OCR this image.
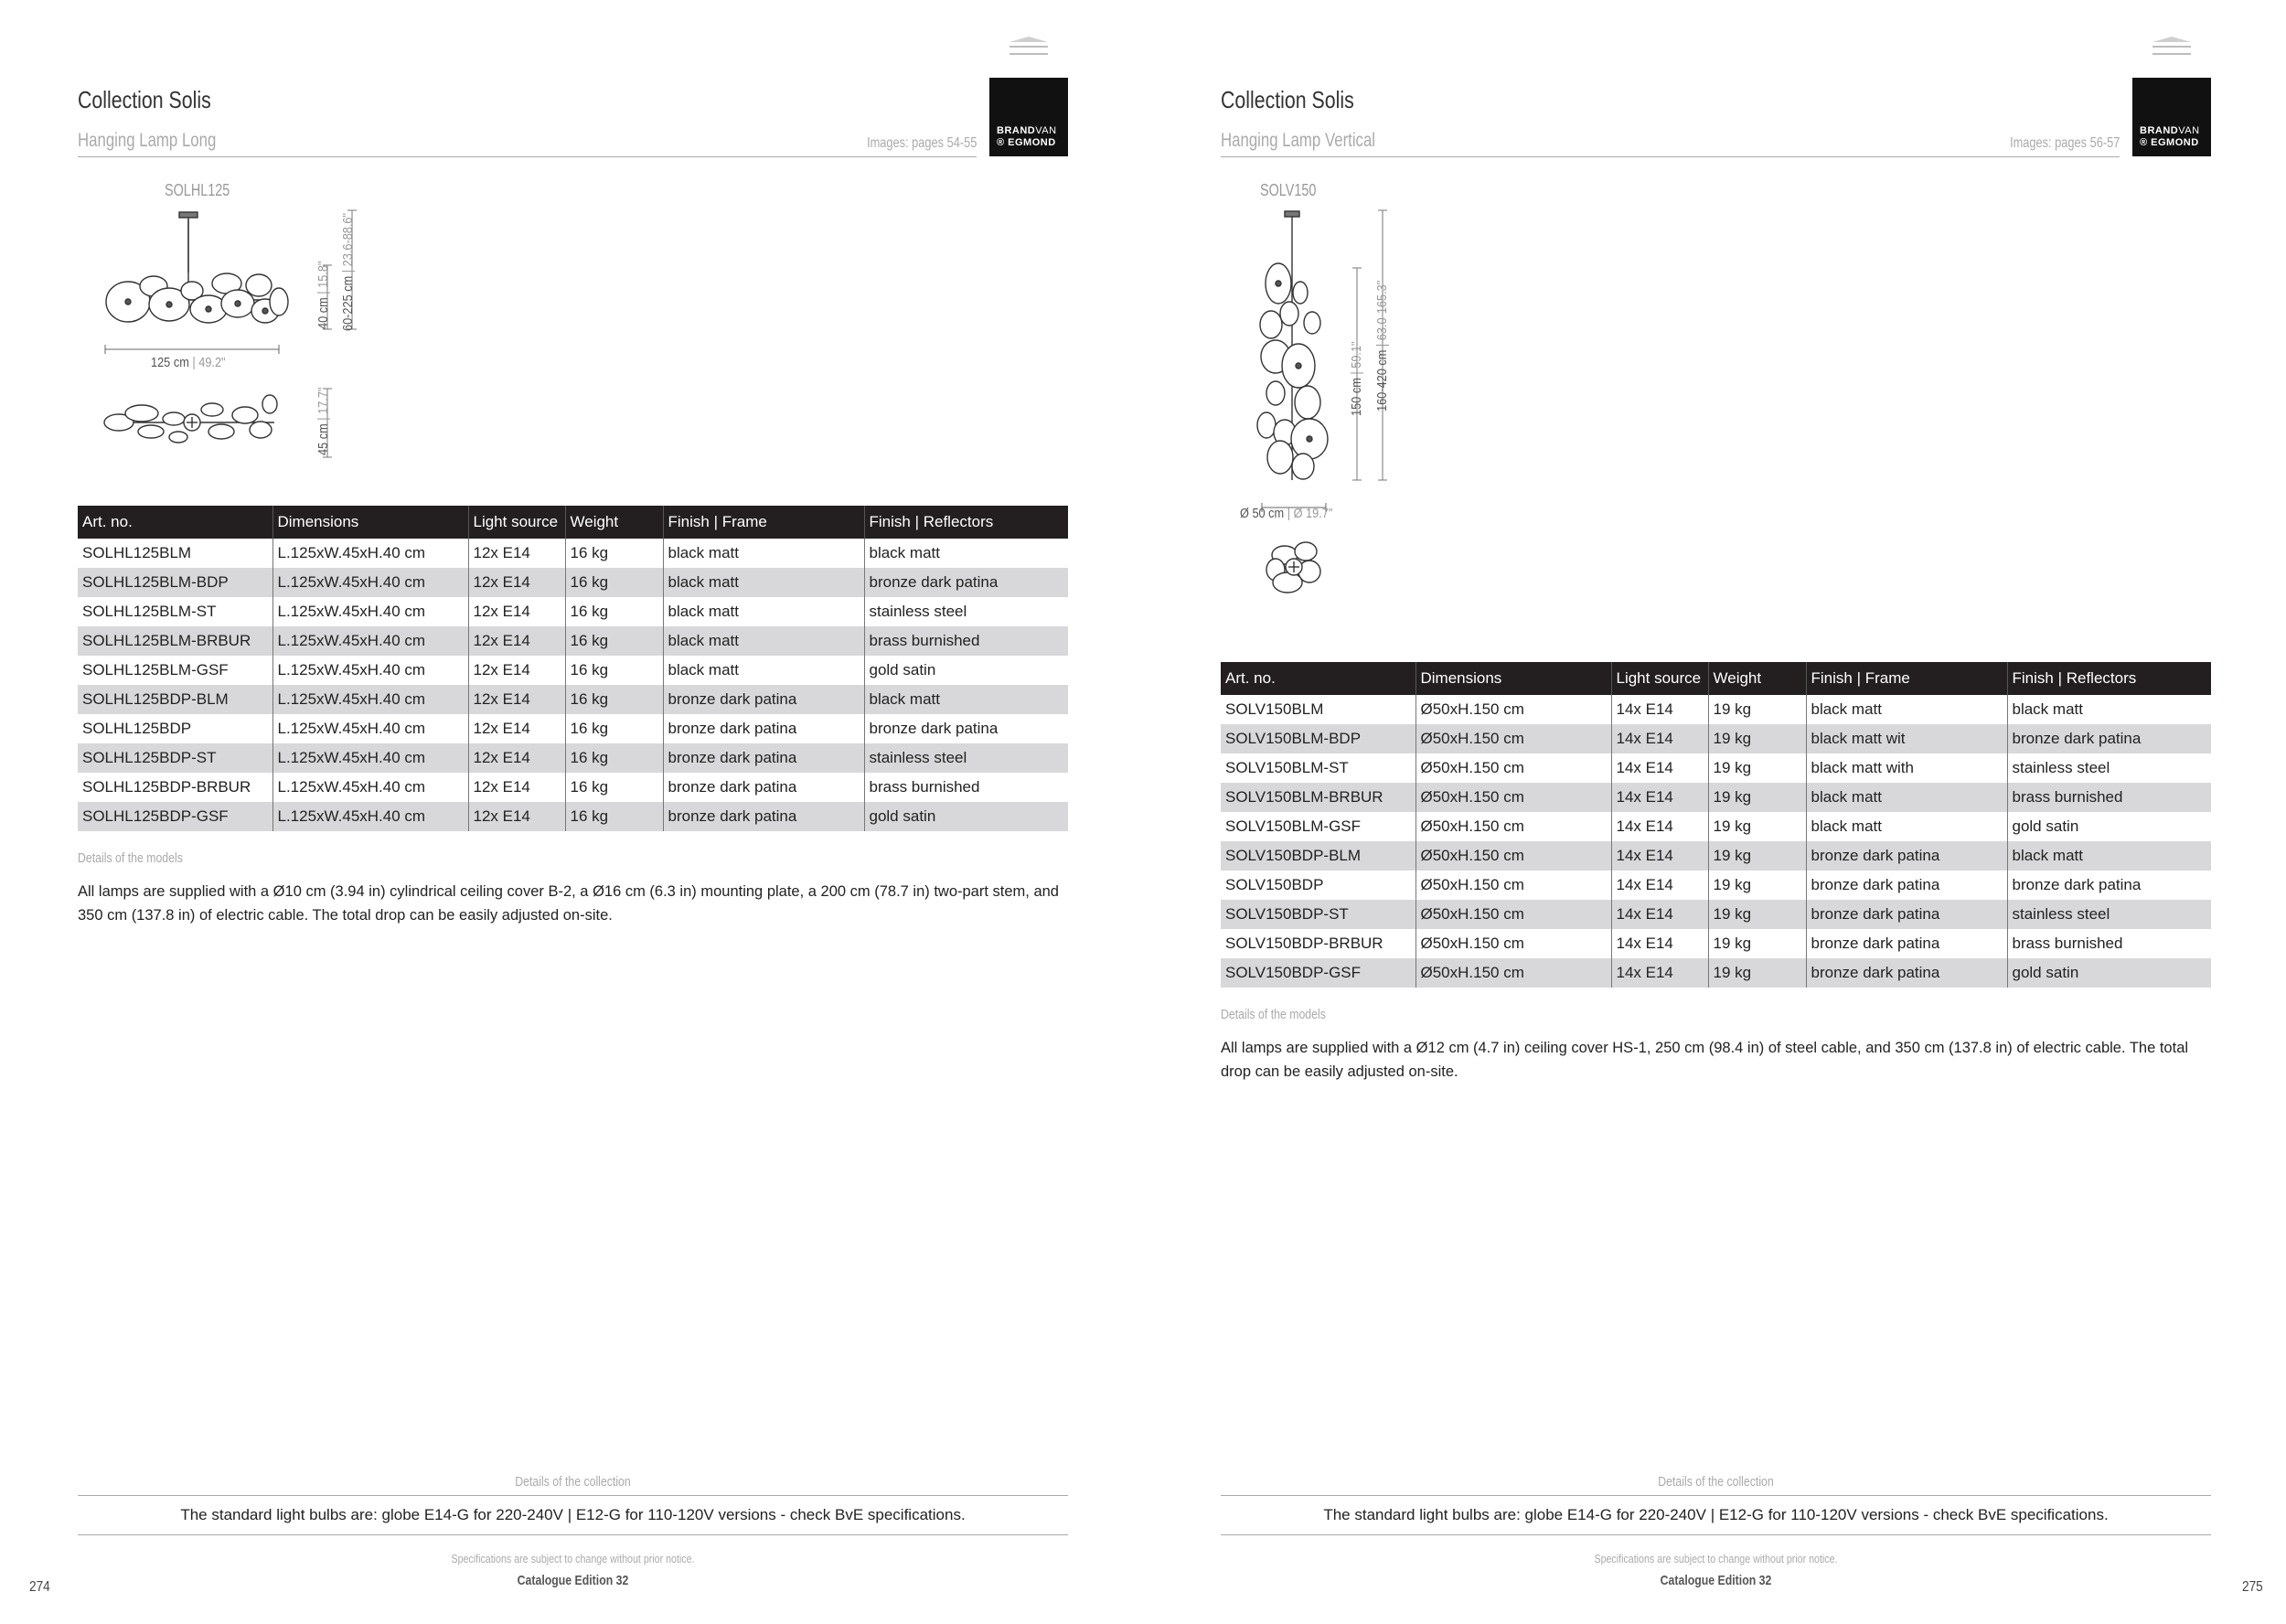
BRANDVAN
® EGMOND
Collection Solis
Hanging Lamp Long	Images: pages 54-55
SOLHL125
40 cm | 15.8" 60-225 cm | 23.6-88.6"
125 cm | 49.2"
45 cm | 17.7"
Art. no.	Dimensions	Light source	Weight	Finish | Frame	Finish | Reflectors
SOLHL125BLM	L.125xW.45xH.40 cm	12x E14	16 kg	black matt	black matt
SOLHL125BLM-BDP	L.125xW.45xH.40 cm	12x E14	16 kg	black matt	bronze dark patina
SOLHL125BLM-ST	L.125xW.45xH.40 cm	12x E14	16 kg	black matt	stainless steel
SOLHL125BLM-BRBUR	L.125xW.45xH.40 cm	12x E14	16 kg	black matt	brass burnished
SOLHL125BLM-GSF	L.125xW.45xH.40 cm	12x E14	16 kg	black matt	gold satin
SOLHL125BDP-BLM	L.125xW.45xH.40 cm	12x E14	16 kg	bronze dark patina	black matt
SOLHL125BDP	L.125xW.45xH.40 cm	12x E14	16 kg	bronze dark patina	bronze dark patina
SOLHL125BDP-ST	L.125xW.45xH.40 cm	12x E14	16 kg	bronze dark patina	stainless steel
SOLHL125BDP-BRBUR	L.125xW.45xH.40 cm	12x E14	16 kg	bronze dark patina	brass burnished
SOLHL125BDP-GSF	L.125xW.45xH.40 cm	12x E14	16 kg	bronze dark patina	gold satin
Details of the models
All lamps are supplied with a Ø10 cm (3.94 in) cylindrical ceiling cover B-2, a Ø16 cm (6.3 in) mounting plate, a 200 cm (78.7 in) two-part stem, and 350 cm (137.8 in) of electric cable. The total drop can be easily adjusted on-site.
Details of the collection
The standard light bulbs are: globe E14-G for 220-240V | E12-G for 110-120V versions - check BvE specifications.
Specifications are subject to change without prior notice.
Catalogue Edition 32
274
BRANDVAN
® EGMOND
Collection Solis
Hanging Lamp Vertical	Images: pages 56-57
SOLV150
150 cm | 59.1" 160-420 cm | 63.0-165.3"
Ø 50 cm | Ø 19.7"
Art. no.	Dimensions	Light source	Weight	Finish | Frame	Finish | Reflectors
SOLV150BLM	Ø50xH.150 cm	14x E14	19 kg	black matt	black matt
SOLV150BLM-BDP	Ø50xH.150 cm	14x E14	19 kg	black matt wit	bronze dark patina
SOLV150BLM-ST	Ø50xH.150 cm	14x E14	19 kg	black matt with	stainless steel
SOLV150BLM-BRBUR	Ø50xH.150 cm	14x E14	19 kg	black matt	brass burnished
SOLV150BLM-GSF	Ø50xH.150 cm	14x E14	19 kg	black matt	gold satin
SOLV150BDP-BLM	Ø50xH.150 cm	14x E14	19 kg	bronze dark patina	black matt
SOLV150BDP	Ø50xH.150 cm	14x E14	19 kg	bronze dark patina	bronze dark patina
SOLV150BDP-ST	Ø50xH.150 cm	14x E14	19 kg	bronze dark patina	stainless steel
SOLV150BDP-BRBUR	Ø50xH.150 cm	14x E14	19 kg	bronze dark patina	brass burnished
SOLV150BDP-GSF	Ø50xH.150 cm	14x E14	19 kg	bronze dark patina	gold satin
Details of the models
All lamps are supplied with a Ø12 cm (4.7 in) ceiling cover HS-1, 250 cm (98.4 in) of steel cable, and 350 cm (137.8 in) of electric cable. The total drop can be easily adjusted on-site.
Details of the collection
The standard light bulbs are: globe E14-G for 220-240V | E12-G for 110-120V versions - check BvE specifications.
Specifications are subject to change without prior notice.
Catalogue Edition 32	275
